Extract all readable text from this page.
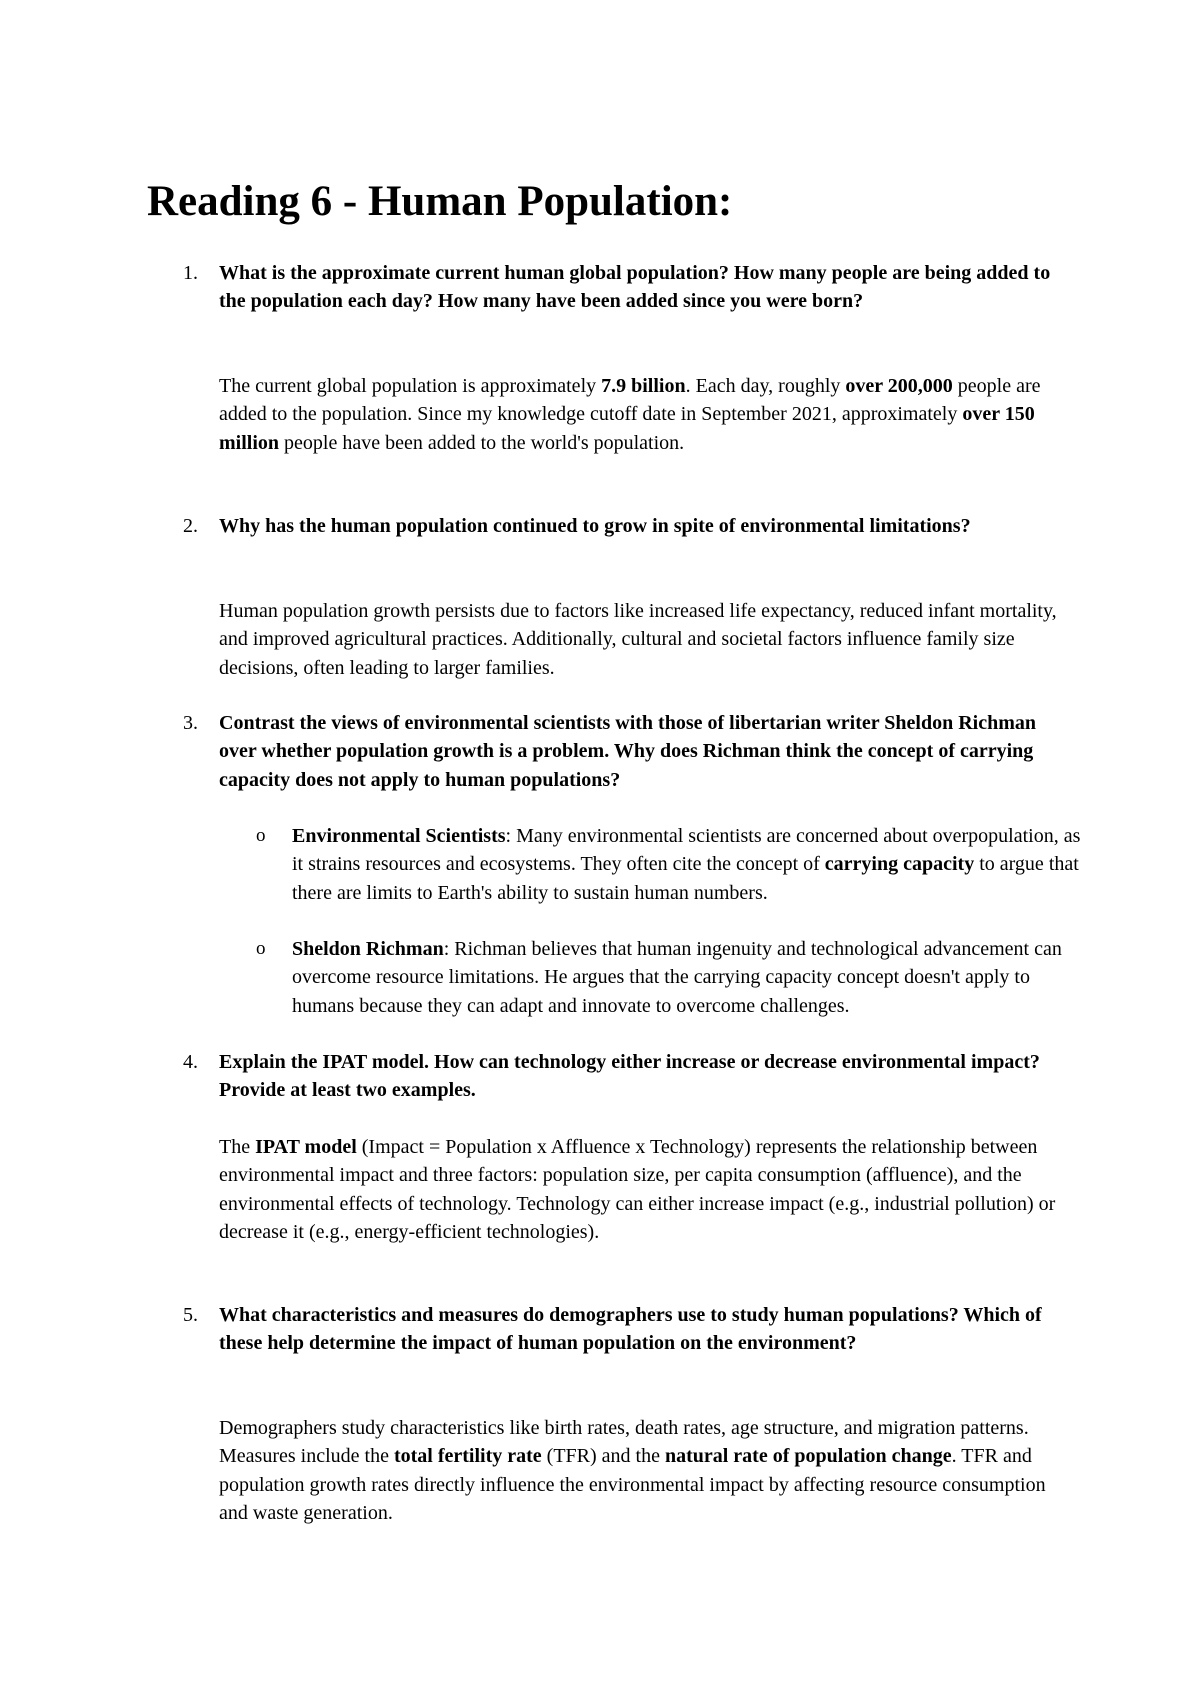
Reading 6 - Human Population:
1. What is the approximate current human global population? How many people are being added to the population each day? How many have been added since you were born?

The current global population is approximately 7.9 billion. Each day, roughly over 200,000 people are added to the population. Since my knowledge cutoff date in September 2021, approximately over 150 million people have been added to the world's population.

2. Why has the human population continued to grow in spite of environmental limitations?

Human population growth persists due to factors like increased life expectancy, reduced infant mortality, and improved agricultural practices. Additionally, cultural and societal factors influence family size decisions, often leading to larger families.

3. Contrast the views of environmental scientists with those of libertarian writer Sheldon Richman over whether population growth is a problem. Why does Richman think the concept of carrying capacity does not apply to human populations?

o Environmental Scientists: Many environmental scientists are concerned about overpopulation, as it strains resources and ecosystems. They often cite the concept of carrying capacity to argue that there are limits to Earth's ability to sustain human numbers.

o Sheldon Richman: Richman believes that human ingenuity and technological advancement can overcome resource limitations. He argues that the carrying capacity concept doesn't apply to humans because they can adapt and innovate to overcome challenges.

4. Explain the IPAT model. How can technology either increase or decrease environmental impact? Provide at least two examples.

The IPAT model (Impact = Population x Affluence x Technology) represents the relationship between environmental impact and three factors: population size, per capita consumption (affluence), and the environmental effects of technology. Technology can either increase impact (e.g., industrial pollution) or decrease it (e.g., energy-efficient technologies).

5. What characteristics and measures do demographers use to study human populations? Which of these help determine the impact of human population on the environment?

Demographers study characteristics like birth rates, death rates, age structure, and migration patterns. Measures include the total fertility rate (TFR) and the natural rate of population change. TFR and population growth rates directly influence the environmental impact by affecting resource consumption and waste generation.
